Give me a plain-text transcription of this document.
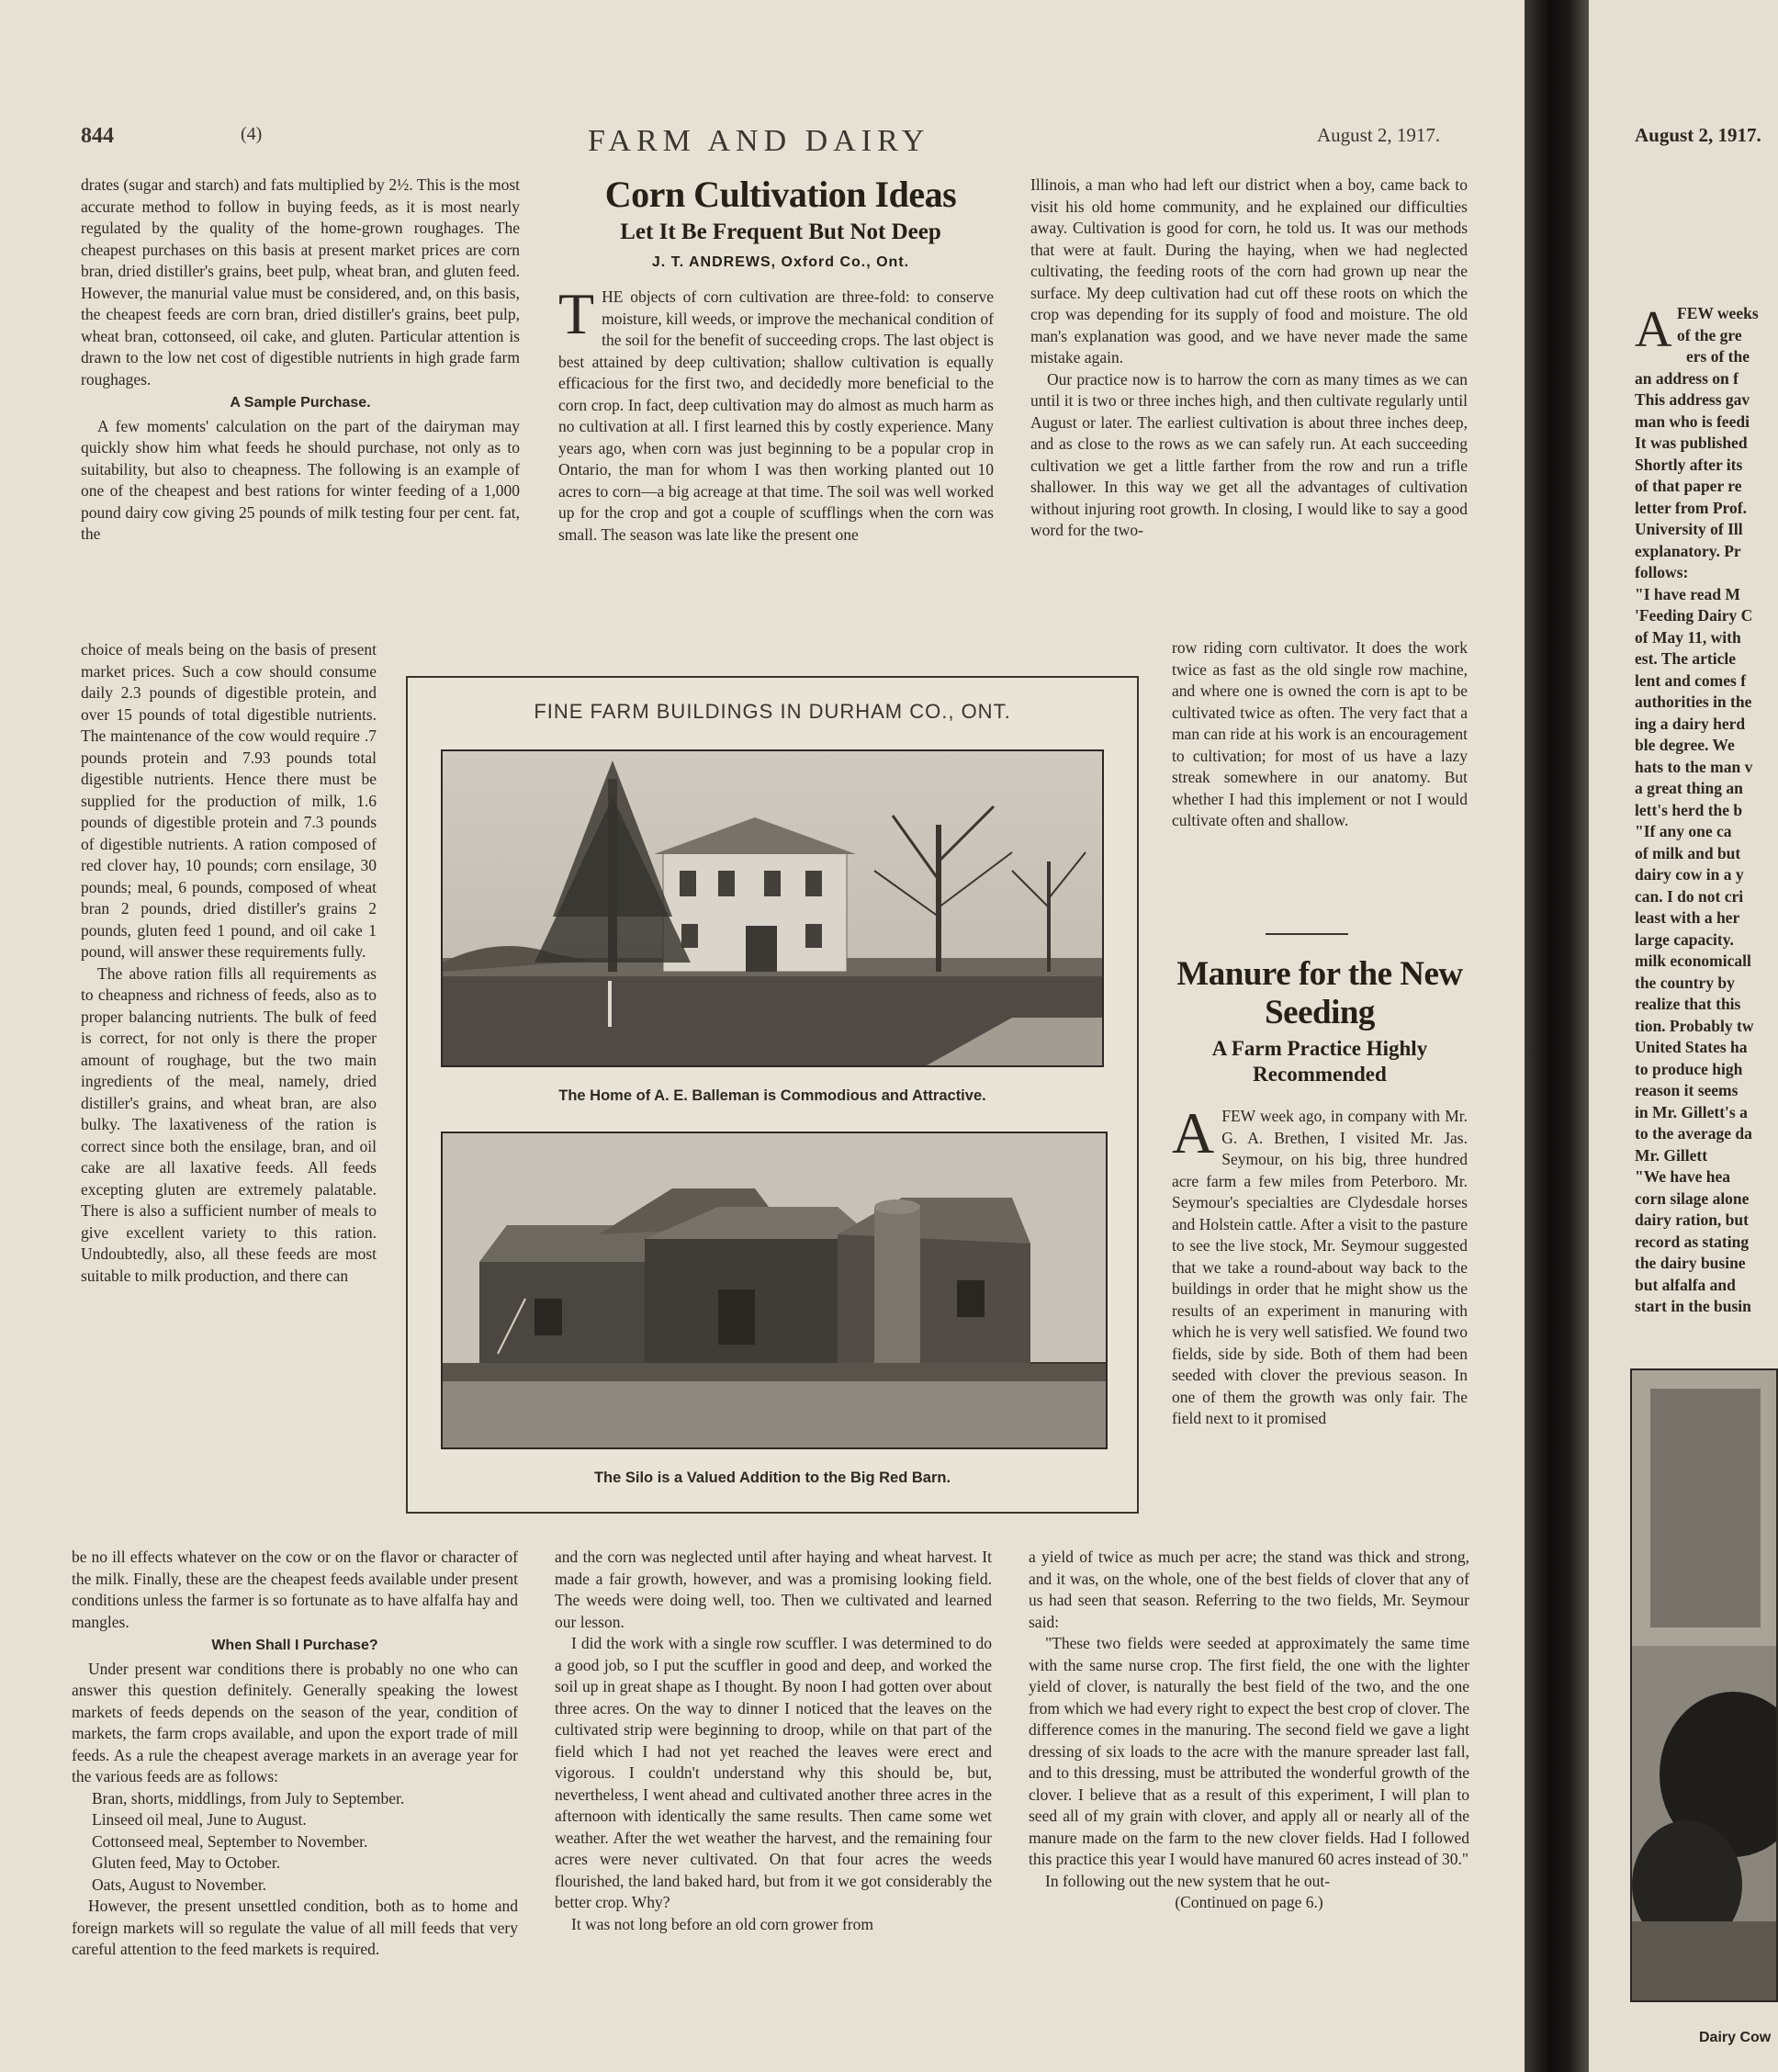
844	(4)	FARM AND DAIRY	August 2, 1917.

drates (sugar and starch) and fats multiplied by 2½. This is the most accurate method to follow in buying feeds, as it is most nearly regulated by the quality of the home-grown roughages. The cheapest purchases on this basis at present market prices are corn bran, dried distiller's grains, beet pulp, wheat bran, and gluten feed. However, the manurial value must be considered, and, on this basis, the cheapest feeds are corn bran, dried distiller's grains, beet pulp, wheat bran, cottonseed, oil cake, and gluten. Particular attention is drawn to the low net cost of digestible nutrients in high grade farm roughages.

A Sample Purchase.

A few moments' calculation on the part of the dairyman may quickly show him what feeds he should purchase, not only as to suitability, but also to cheapness. The following is an example of one of the cheapest and best rations for winter feeding of a 1,000 pound dairy cow giving 25 pounds of milk testing four per cent. fat, the

choice of meals being on the basis of present market prices. Such a cow should consume daily 2.3 pounds of digestible protein, and over 15 pounds of total digestible nutrients. The maintenance of the cow would require .7 pounds protein and 7.93 pounds total digestible nutrients. Hence there must be supplied for the production of milk, 1.6 pounds of digestible protein and 7.3 pounds of digestible nutrients. A ration composed of red clover hay, 10 pounds; corn ensilage, 30 pounds; meal, 6 pounds, composed of wheat bran 2 pounds, dried distiller's grains 2 pounds, gluten feed 1 pound, and oil cake 1 pound, will answer these requirements fully.

The above ration fills all requirements as to cheapness and richness of feeds, also as to proper balancing nutrients. The bulk of feed is correct, for not only is there the proper amount of roughage, but the two main ingredients of the meal, namely, dried distiller's grains, and wheat bran, are also bulky. The laxativeness of the ration is correct since both the ensilage, bran, and oil cake are all laxative feeds. All feeds excepting gluten are extremely palatable. There is also a sufficient number of meals to give excellent variety to this ration. Undoubtedly, also, all these feeds are most suitable to milk production, and there can

be no ill effects whatever on the cow or on the flavor or character of the milk. Finally, these are the cheapest feeds available under present conditions unless the farmer is so fortunate as to have alfalfa hay and mangles.

When Shall I Purchase?

Under present war conditions there is probably no one who can answer this question definitely. Generally speaking the lowest markets of feeds depends on the season of the year, condition of markets, the farm crops available, and upon the export trade of mill feeds. As a rule the cheapest average markets in an average year for the various feeds are as follows:

Bran, shorts, middlings, from July to September.

Linseed oil meal, June to August.

Cottonseed meal, September to November.

Gluten feed, May to October.

Oats, August to November.

However, the present unsettled condition, both as to home and foreign markets will so regulate the value of all mill feeds that very careful attention to the feed markets is required.

Corn Cultivation Ideas
Let It Be Frequent But Not Deep
J. T. ANDREWS, Oxford Co., Ont.

THE objects of corn cultivation are three-fold: to conserve moisture, kill weeds, or improve the mechanical condition of the soil for the benefit of succeeding crops. The last object is best attained by deep cultivation; shallow cultivation is equally efficacious for the first two, and decidedly more beneficial to the corn crop. In fact, deep cultivation may do almost as much harm as no cultivation at all. I first learned this by costly experience. Many years ago, when corn was just beginning to be a popular crop in Ontario, the man for whom I was then working planted out 10 acres to corn—a big acreage at that time. The soil was well worked up for the crop and got a couple of scufflings when the corn was small. The season was late like the present one

and the corn was neglected until after haying and wheat harvest. It made a fair growth, however, and was a promising looking field. The weeds were doing well, too. Then we cultivated and learned our lesson.

I did the work with a single row scuffler. I was determined to do a good job, so I put the scuffler in good and deep, and worked the soil up in great shape as I thought. By noon I had gotten over about three acres. On the way to dinner I noticed that the leaves on the cultivated strip were beginning to droop, while on that part of the field which I had not yet reached the leaves were erect and vigorous. I couldn't understand why this should be, but, nevertheless, I went ahead and cultivated another three acres in the afternoon with identically the same results. Then came some wet weather. After the wet weather the harvest, and the remaining four acres were never cultivated. On that four acres the weeds flourished, the land baked hard, but from it we got considerably the better crop. Why?

It was not long before an old corn grower from

Illinois, a man who had left our district when a boy, came back to visit his old home community, and he explained our difficulties away. Cultivation is good for corn, he told us. It was our methods that were at fault. During the haying, when we had neglected cultivating, the feeding roots of the corn had grown up near the surface. My deep cultivation had cut off these roots on which the crop was depending for its supply of food and moisture. The old man's explanation was good, and we have never made the same mistake again.

Our practice now is to harrow the corn as many times as we can until it is two or three inches high, and then cultivate regularly until August or later. The earliest cultivation is about three inches deep, and as close to the rows as we can safely run. At each succeeding cultivation we get a little farther from the row and run a trifle shallower. In this way we get all the advantages of cultivation without injuring root growth. In closing, I would like to say a good word for the two-

row riding corn cultivator. It does the work twice as fast as the old single row machine, and where one is owned the corn is apt to be cultivated twice as often. The very fact that a man can ride at his work is an encouragement to cultivation; for most of us have a lazy streak somewhere in our anatomy. But whether I had this implement or not I would cultivate often and shallow.

Manure for the New Seeding
A Farm Practice Highly Recommended

AFEW week ago, in company with Mr. G. A. Brethen, I visited Mr. Jas. Seymour, on his big, three hundred acre farm a few miles from Peterboro. Mr. Seymour's specialties are Clydesdale horses and Holstein cattle. After a visit to the pasture to see the live stock, Mr. Seymour suggested that we take a round-about way back to the buildings in order that he might show us the results of an experiment in manuring with which he is very well satisfied. We found two fields, side by side. Both of them had been seeded with clover the previous season. In one of them the growth was only fair. The field next to it promised

a yield of twice as much per acre; the stand was thick and strong, and it was, on the whole, one of the best fields of clover that any of us had seen that season. Referring to the two fields, Mr. Seymour said:

"These two fields were seeded at approximately the same time with the same nurse crop. The first field, the one with the lighter yield of clover, is naturally the best field of the two, and the one from which we had every right to expect the best crop of clover. The difference comes in the manuring. The second field we gave a light dressing of six loads to the acre with the manure spreader last fall, and to this dressing, must be attributed the wonderful growth of the clover. I believe that as a result of this experiment, I will plan to seed all of my grain with clover, and apply all or nearly all of the manure made on the farm to the new clover fields. Had I followed this practice this year I would have manured 60 acres instead of 30."

In following out the new system that he out-

(Continued on page 6.)
FINE FARM BUILDINGS IN DURHAM CO., ONT.
The Home of A. E. Balleman is Commodious and Attractive.
The Silo is a Valued Addition to the Big Red Barn.
August 2, 1917.
A FEW weeks
of the gre
ers of the
an address on f
This address gav
man who is feedi
It was published
Shortly after its
of that paper re
letter from Prof.
University of Ill
explanatory. Pr
follows:
"I have read M
'Feeding Dairy C
of May 11, with
est. The article
lent and comes f
authorities in the
ing a dairy herd
ble degree. We
hats to the man v
a great thing an
lett's herd the b
"If any one ca
of milk and but
dairy cow in a y
can. I do not cri
least with a her
large capacity.
milk economicall
the country by
realize that this
tion. Probably tw
United States ha
to produce high
reason it seems
in Mr. Gillett's a
to the average da
Mr. Gillett
"We have hea
corn silage alone
dairy ration, but
record as stating
the dairy busine
but alfalfa and
start in the busin
Dairy Cow
